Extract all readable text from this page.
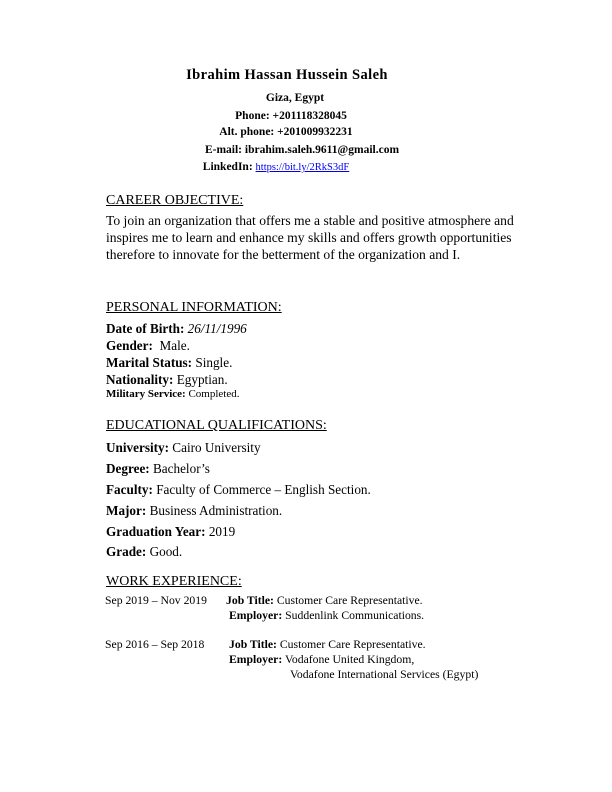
Ibrahim Hassan Hussein Saleh
Giza, Egypt
Phone: +201118328045
Alt. phone: +201009932231
E-mail: ibrahim.saleh.9611@gmail.com
LinkedIn: https://bit.ly/2RkS3dF
CAREER OBJECTIVE:
To join an organization that offers me a stable and positive atmosphere and inspires me to learn and enhance my skills and offers growth opportunities therefore to innovate for the betterment of the organization and I.
PERSONAL INFORMATION:
Date of Birth: 26/11/1996
Gender: Male.
Marital Status: Single.
Nationality: Egyptian.
Military Service: Completed.
EDUCATIONAL QUALIFICATIONS:
University: Cairo University
Degree: Bachelor’s
Faculty: Faculty of Commerce – English Section.
Major: Business Administration.
Graduation Year: 2019
Grade: Good.
WORK EXPERIENCE:
Sep 2019 – Nov 2019 Job Title: Customer Care Representative.
Employer: Suddenlink Communications.
Sep 2016 – Sep 2018 Job Title: Customer Care Representative.
Employer: Vodafone United Kingdom,
Vodafone International Services (Egypt)
